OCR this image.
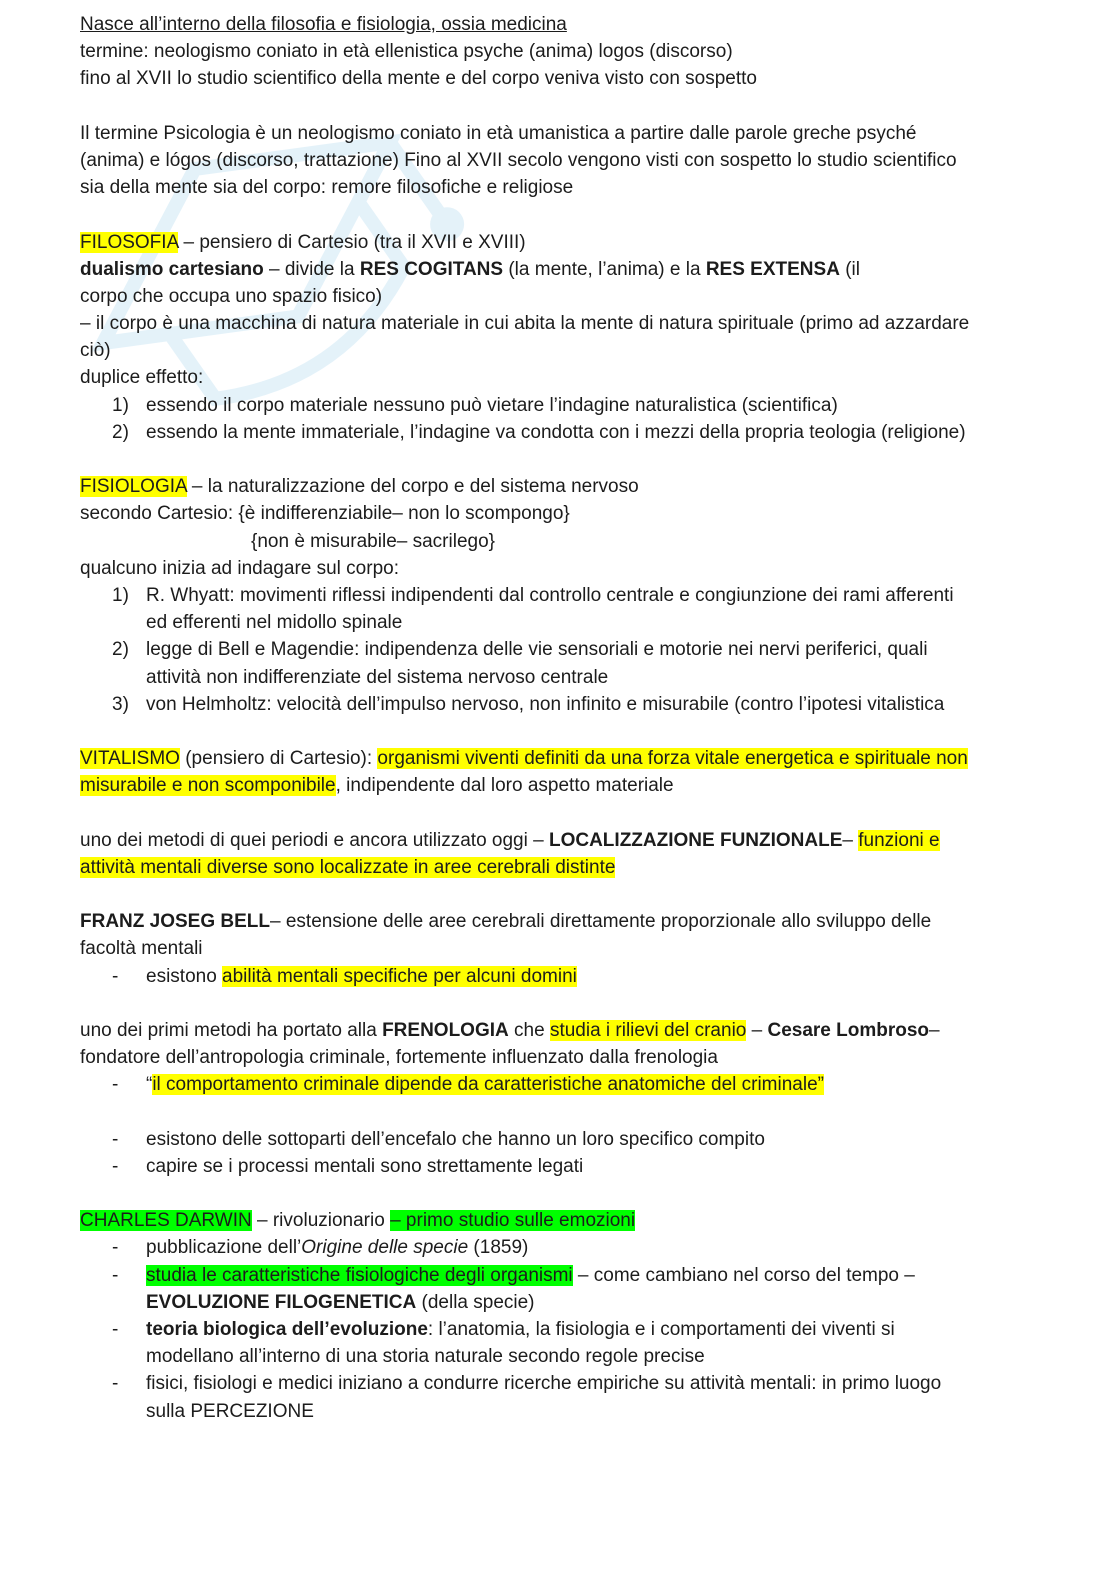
Nasce all’interno della filosofia e fisiologia, ossia medicina
termine: neologismo coniato in età ellenistica psyche (anima) logos (discorso)
fino al XVII lo studio scientifico della mente e del corpo veniva visto con sospetto
Il termine Psicologia è un neologismo coniato in età umanistica a partire dalle parole greche psyché
(anima) e lógos (discorso, trattazione) Fino al XVII secolo vengono visti con sospetto lo studio scientifico
sia della mente sia del corpo: remore filosofiche e religiose
FILOSOFIA – pensiero di Cartesio (tra il XVII e XVIII)
dualismo cartesiano – divide la RES COGITANS (la mente, l’anima) e la RES EXTENSA (il
corpo che occupa uno spazio fisico)
– il corpo è una macchina di natura materiale in cui abita la mente di natura spirituale (primo ad azzardare
ciò)
duplice effetto:
1) essendo il corpo materiale nessuno può vietare l’indagine naturalistica (scientifica)
2) essendo la mente immateriale, l’indagine va condotta con i mezzi della propria teologia (religione)
FISIOLOGIA – la naturalizzazione del corpo e del sistema nervoso
secondo Cartesio: {è indifferenziabile– non lo scompongo}
{non è misurabile– sacrilego}
qualcuno inizia ad indagare sul corpo:
1) R. Whyatt: movimenti riflessi indipendenti dal controllo centrale e congiunzione dei rami afferenti
ed efferenti nel midollo spinale
2) legge di Bell e Magendie: indipendenza delle vie sensoriali e motorie nei nervi periferici, quali
attività non indifferenziate del sistema nervoso centrale
3) von Helmholtz: velocità dell’impulso nervoso, non infinito e misurabile (contro l’ipotesi vitalistica
VITALISMO (pensiero di Cartesio): organismi viventi definiti da una forza vitale energetica e spirituale non
misurabile e non scomponibile, indipendente dal loro aspetto materiale
uno dei metodi di quei periodi e ancora utilizzato oggi – LOCALIZZAZIONE FUNZIONALE– funzioni e
attività mentali diverse sono localizzate in aree cerebrali distinte
FRANZ JOSEG BELL– estensione delle aree cerebrali direttamente proporzionale allo sviluppo delle
facoltà mentali
- esistono abilità mentali specifiche per alcuni domini
uno dei primi metodi ha portato alla FRENOLOGIA che studia i rilievi del cranio – Cesare Lombroso–
fondatore dell’antropologia criminale, fortemente influenzato dalla frenologia
- “il comportamento criminale dipende da caratteristiche anatomiche del criminale”
- esistono delle sottoparti dell’encefalo che hanno un loro specifico compito
- capire se i processi mentali sono strettamente legati
CHARLES DARWIN – rivoluzionario – primo studio sulle emozioni
- pubblicazione dell’Origine delle specie (1859)
- studia le caratteristiche fisiologiche degli organismi – come cambiano nel corso del tempo –
EVOLUZIONE FILOGENETICA (della specie)
- teoria biologica dell’evoluzione: l’anatomia, la fisiologia e i comportamenti dei viventi si
modellano all’interno di una storia naturale secondo regole precise
- fisici, fisiologi e medici iniziano a condurre ricerche empiriche su attività mentali: in primo luogo
sulla PERCEZIONE
